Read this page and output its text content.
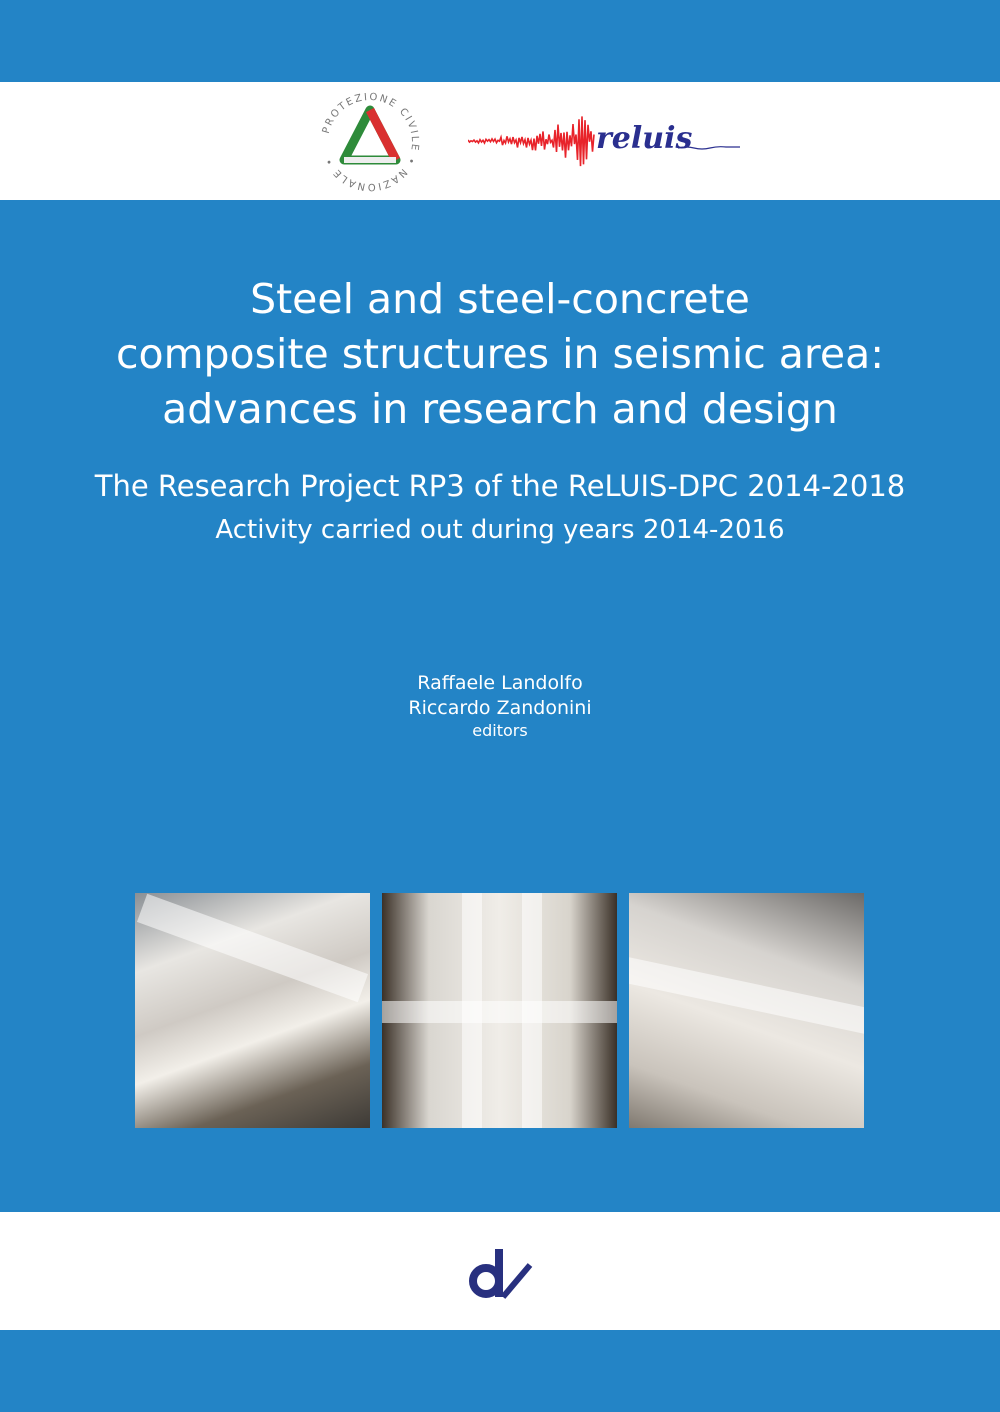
PROTEZIONE CIVILE • NAZIONALE •
reluis
Steel and steel-concrete
composite structures in seismic area:
advances in research and design
The Research Project RP3 of the ReLUIS-DPC 2014-2018
Activity carried out during years 2014-2016
Raffaele Landolfo
Riccardo Zandonini
editors
